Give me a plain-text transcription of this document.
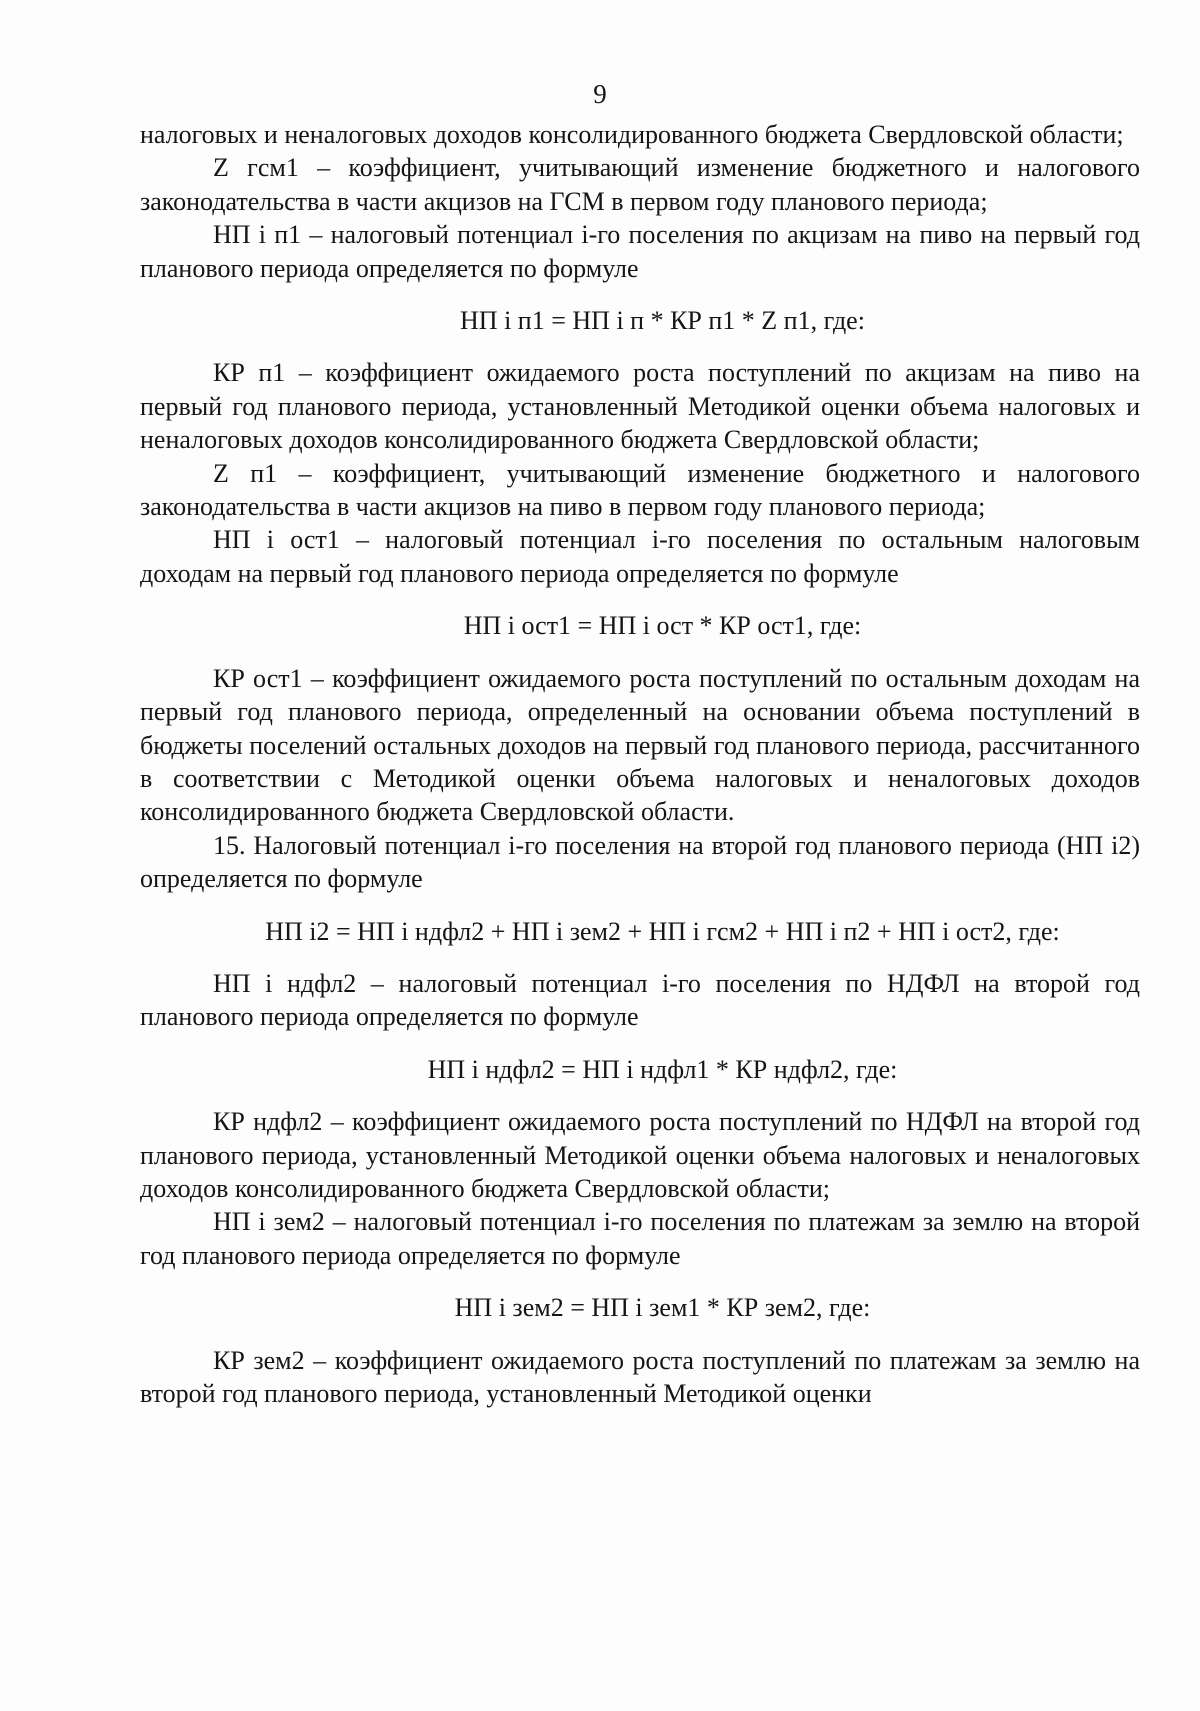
9

налоговых и неналоговых доходов консолидированного бюджета Свердловской области;

Z гсм1 – коэффициент, учитывающий изменение бюджетного и налогового законодательства в части акцизов на ГСМ в первом году планового периода;

НП i п1 – налоговый потенциал i-го поселения по акцизам на пиво на первый год планового периода определяется по формуле

НП i п1 = НП i п * КР п1 * Z п1, где:

КР п1 – коэффициент ожидаемого роста поступлений по акцизам на пиво на первый год планового периода, установленный Методикой оценки объема налоговых и неналоговых доходов консолидированного бюджета Свердловской области;

Z п1 – коэффициент, учитывающий изменение бюджетного и налогового законодательства в части акцизов на пиво в первом году планового периода;

НП i ост1 – налоговый потенциал i-го поселения по остальным налоговым доходам на первый год планового периода определяется по формуле

НП i ост1 = НП i ост * КР ост1, где:

КР ост1 – коэффициент ожидаемого роста поступлений по остальным доходам на первый год планового периода, определенный на основании объема поступлений в бюджеты поселений остальных доходов на первый год планового периода, рассчитанного в соответствии с Методикой оценки объема налоговых и неналоговых доходов консолидированного бюджета Свердловской области.

15. Налоговый потенциал i-го поселения на второй год планового периода (НП i2) определяется по формуле

НП i2 = НП i ндфл2 + НП i зем2 + НП i гсм2 + НП i п2 + НП i ост2, где:

НП i ндфл2 – налоговый потенциал i-го поселения по НДФЛ на второй год планового периода определяется по формуле

НП i ндфл2 = НП i ндфл1 * КР ндфл2, где:

КР ндфл2 – коэффициент ожидаемого роста поступлений по НДФЛ на второй год планового периода, установленный Методикой оценки объема налоговых и неналоговых доходов консолидированного бюджета Свердловской области;

НП i зем2 – налоговый потенциал i-го поселения по платежам за землю на второй год планового периода определяется по формуле

НП i зем2 = НП i зем1 * КР зем2, где:

КР зем2 – коэффициент ожидаемого роста поступлений по платежам за землю на второй год планового периода, установленный Методикой оценки
